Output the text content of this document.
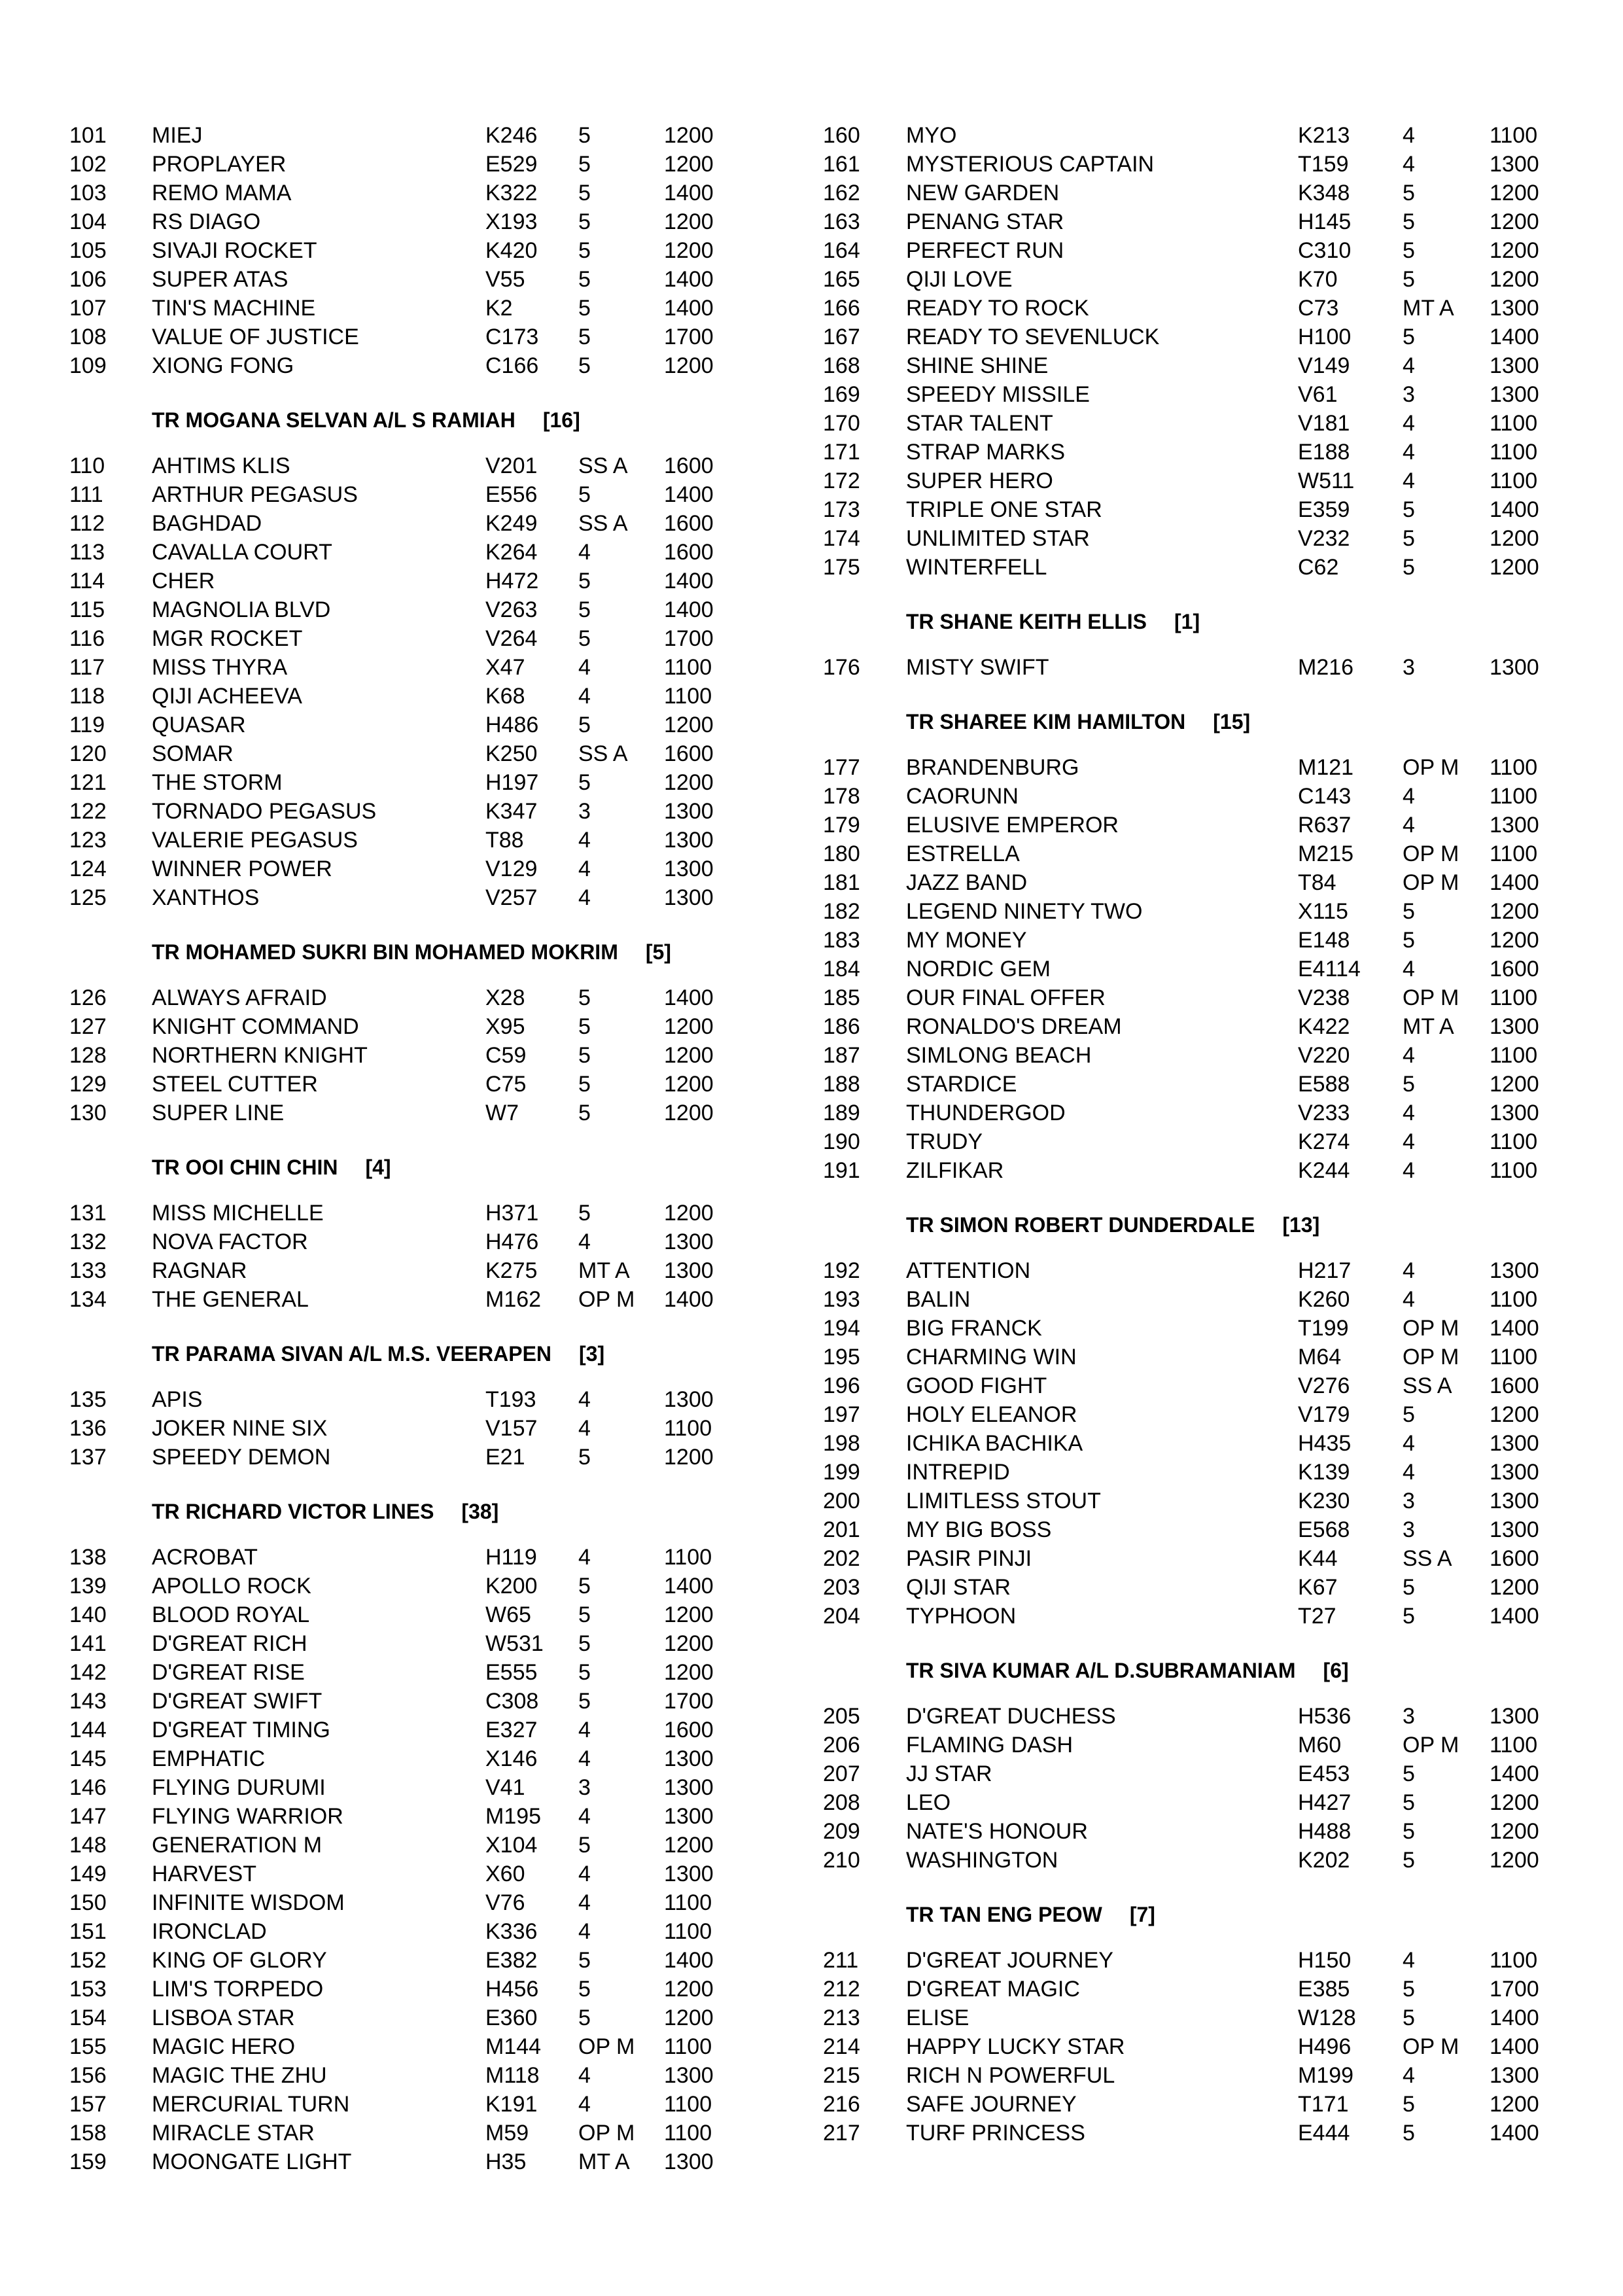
101	MIEJ	K246	5	1200
102	PROPLAYER	E529	5	1200
103	REMO MAMA	K322	5	1400
104	RS DIAGO	X193	5	1200
105	SIVAJI ROCKET	K420	5	1200
106	SUPER ATAS	V55	5	1400
107	TIN'S MACHINE	K2	5	1400
108	VALUE OF JUSTICE	C173	5	1700
109	XIONG FONG	C166	5	1200
TR MOGANA SELVAN A/L S RAMIAH [16]
110	AHTIMS KLIS	V201	SS A	1600
111	ARTHUR PEGASUS	E556	5	1400
112	BAGHDAD	K249	SS A	1600
113	CAVALLA COURT	K264	4	1600
114	CHER	H472	5	1400
115	MAGNOLIA BLVD	V263	5	1400
116	MGR ROCKET	V264	5	1700
117	MISS THYRA	X47	4	1100
118	QIJI ACHEEVA	K68	4	1100
119	QUASAR	H486	5	1200
120	SOMAR	K250	SS A	1600
121	THE STORM	H197	5	1200
122	TORNADO PEGASUS	K347	3	1300
123	VALERIE PEGASUS	T88	4	1300
124	WINNER POWER	V129	4	1300
125	XANTHOS	V257	4	1300
TR MOHAMED SUKRI BIN MOHAMED MOKRIM [5]
126	ALWAYS AFRAID	X28	5	1400
127	KNIGHT COMMAND	X95	5	1200
128	NORTHERN KNIGHT	C59	5	1200
129	STEEL CUTTER	C75	5	1200
130	SUPER LINE	W7	5	1200
TR OOI CHIN CHIN [4]
131	MISS MICHELLE	H371	5	1200
132	NOVA FACTOR	H476	4	1300
133	RAGNAR	K275	MT A	1300
134	THE GENERAL	M162	OP M	1400
TR PARAMA SIVAN A/L M.S. VEERAPEN [3]
135	APIS	T193	4	1300
136	JOKER NINE SIX	V157	4	1100
137	SPEEDY DEMON	E21	5	1200
TR RICHARD VICTOR LINES [38]
138	ACROBAT	H119	4	1100
139	APOLLO ROCK	K200	5	1400
140	BLOOD ROYAL	W65	5	1200
141	D'GREAT RICH	W531	5	1200
142	D'GREAT RISE	E555	5	1200
143	D'GREAT SWIFT	C308	5	1700
144	D'GREAT TIMING	E327	4	1600
145	EMPHATIC	X146	4	1300
146	FLYING DURUMI	V41	3	1300
147	FLYING WARRIOR	M195	4	1300
148	GENERATION M	X104	5	1200
149	HARVEST	X60	4	1300
150	INFINITE WISDOM	V76	4	1100
151	IRONCLAD	K336	4	1100
152	KING OF GLORY	E382	5	1400
153	LIM'S TORPEDO	H456	5	1200
154	LISBOA STAR	E360	5	1200
155	MAGIC HERO	M144	OP M	1100
156	MAGIC THE ZHU	M118	4	1300
157	MERCURIAL TURN	K191	4	1100
158	MIRACLE STAR	M59	OP M	1100
159	MOONGATE LIGHT	H35	MT A	1300
160	MYO	K213	4	1100
161	MYSTERIOUS CAPTAIN	T159	4	1300
162	NEW GARDEN	K348	5	1200
163	PENANG STAR	H145	5	1200
164	PERFECT RUN	C310	5	1200
165	QIJI LOVE	K70	5	1200
166	READY TO ROCK	C73	MT A	1300
167	READY TO SEVENLUCK	H100	5	1400
168	SHINE SHINE	V149	4	1300
169	SPEEDY MISSILE	V61	3	1300
170	STAR TALENT	V181	4	1100
171	STRAP MARKS	E188	4	1100
172	SUPER HERO	W511	4	1100
173	TRIPLE ONE STAR	E359	5	1400
174	UNLIMITED STAR	V232	5	1200
175	WINTERFELL	C62	5	1200
TR SHANE KEITH ELLIS [1]
176	MISTY SWIFT	M216	3	1300
TR SHAREE KIM HAMILTON [15]
177	BRANDENBURG	M121	OP M	1100
178	CAORUNN	C143	4	1100
179	ELUSIVE EMPEROR	R637	4	1300
180	ESTRELLA	M215	OP M	1100
181	JAZZ BAND	T84	OP M	1400
182	LEGEND NINETY TWO	X115	5	1200
183	MY MONEY	E148	5	1200
184	NORDIC GEM	E4114	4	1600
185	OUR FINAL OFFER	V238	OP M	1100
186	RONALDO'S DREAM	K422	MT A	1300
187	SIMLONG BEACH	V220	4	1100
188	STARDICE	E588	5	1200
189	THUNDERGOD	V233	4	1300
190	TRUDY	K274	4	1100
191	ZILFIKAR	K244	4	1100
TR SIMON ROBERT DUNDERDALE [13]
192	ATTENTION	H217	4	1300
193	BALIN	K260	4	1100
194	BIG FRANCK	T199	OP M	1400
195	CHARMING WIN	M64	OP M	1100
196	GOOD FIGHT	V276	SS A	1600
197	HOLY ELEANOR	V179	5	1200
198	ICHIKA BACHIKA	H435	4	1300
199	INTREPID	K139	4	1300
200	LIMITLESS STOUT	K230	3	1300
201	MY BIG BOSS	E568	3	1300
202	PASIR PINJI	K44	SS A	1600
203	QIJI STAR	K67	5	1200
204	TYPHOON	T27	5	1400
TR SIVA KUMAR A/L D.SUBRAMANIAM [6]
205	D'GREAT DUCHESS	H536	3	1300
206	FLAMING DASH	M60	OP M	1100
207	JJ STAR	E453	5	1400
208	LEO	H427	5	1200
209	NATE'S HONOUR	H488	5	1200
210	WASHINGTON	K202	5	1200
TR TAN ENG PEOW [7]
211	D'GREAT JOURNEY	H150	4	1100
212	D'GREAT MAGIC	E385	5	1700
213	ELISE	W128	5	1400
214	HAPPY LUCKY STAR	H496	OP M	1400
215	RICH N POWERFUL	M199	4	1300
216	SAFE JOURNEY	T171	5	1200
217	TURF PRINCESS	E444	5	1400
